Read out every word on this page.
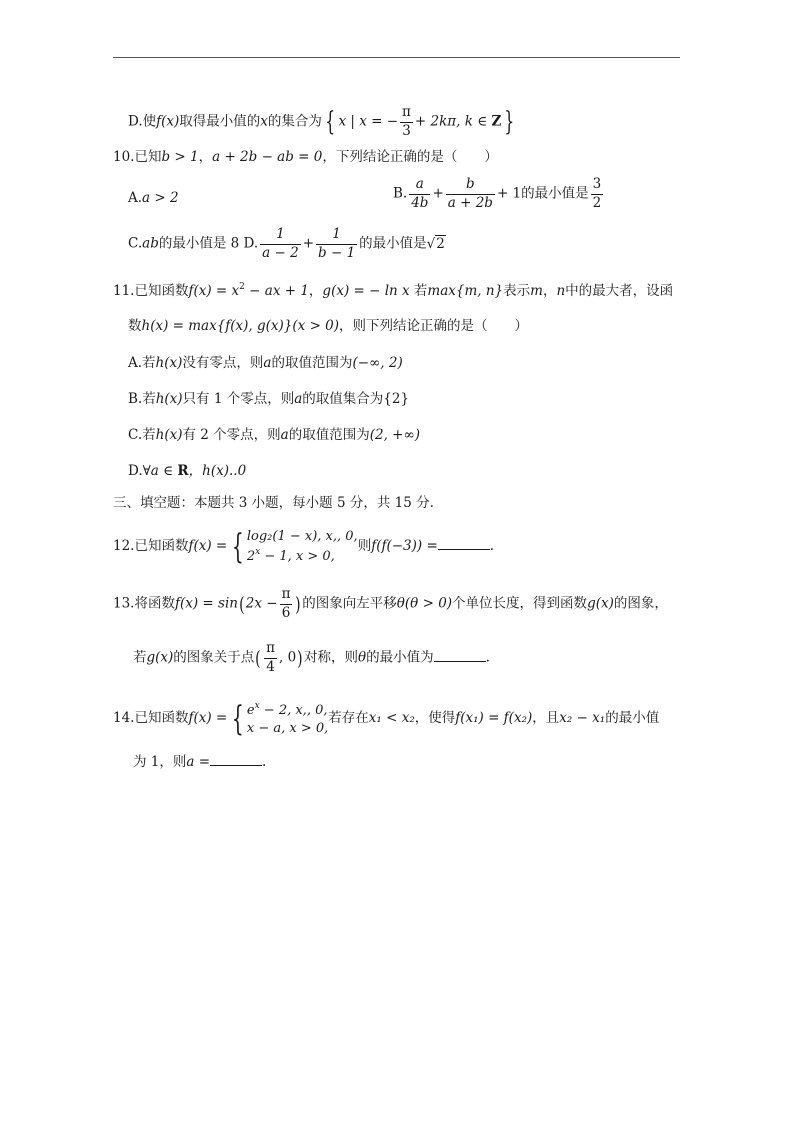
D.使f(x)取得最小值的x的集合为 { x | x = − $\frac{\pi}{3} + 2k\pi$, k ∈ Z }
10.已知b > 1，a + 2b − ab = 0，下列结论正确的是（　　）
A.a > 2	B. $\frac{a}{4b} + \frac{b}{a + 2b} + 1$的最小值是 $\frac{3}{2}$
C.ab的最小值是 8 D. $\frac{1}{a - 2} + \frac{1}{b - 1}$ 的最小值是√2
11.已知函数$f(x) = x^2$ − ax + 1，g(x) = − ln x 若max{m, n}表示m，n中的最大者，设函
数h(x) = max{f(x), g(x)}(x > 0)，则下列结论正确的是（　　）
A.若h(x)没有零点，则a的取值范围为(−∞, 2)
B.若h(x)只有 1 个零点，则a的取值集合为{2}
C.若h(x)有 2 个零点，则a的取值范围为(2, +∞)
D.∀a ∈ R，h(x)..0
三、填空题：本题共 3 小题，每小题 5 分，共 15 分.
12.已知函数 f(x) = { log₂(1 − x), x,, 0,
$2^x - 1$, x > 0,
则f(f(−3)) =	.
13.将函数$f(x) = \sin(2x - \frac{\pi}{6}$ )的图象向左平移θ(θ > 0)个单位长度，得到函数g(x)的图象，
若g(x)的图象关于点( $\frac{\pi}{4}$ , 0)对称，则θ的最小值为	.
14.已知函数 f(x) = { $e^x - 2$, x,, 0,
x − a, x > 0,
若存在x₁ < x₂，使得f(x₁) = f(x₂)，且x₂ − x₁的最小值
为 1，则a =	.
